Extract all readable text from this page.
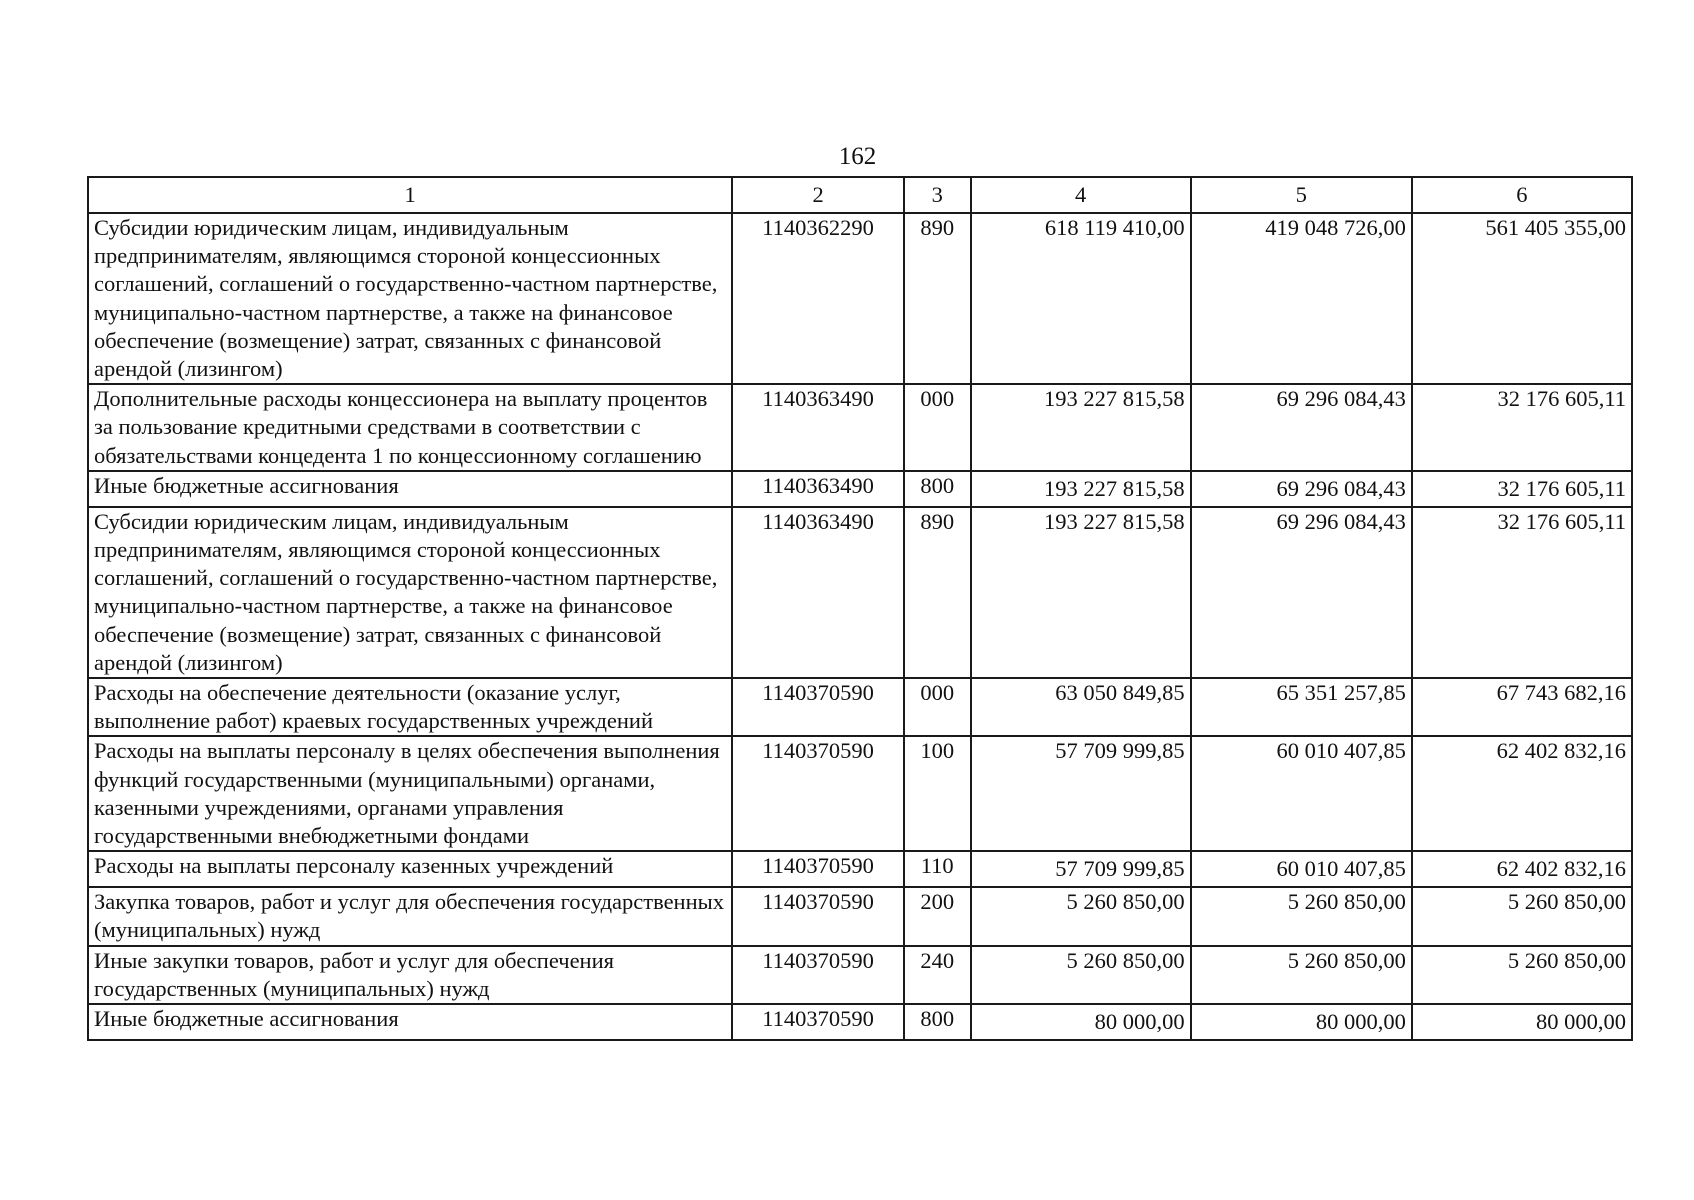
162
1	2	3	4	5	6
Субсидии юридическим лицам, индивидуальным предпринимателям, являющимся стороной концессионных соглашений, соглашений о государственно-частном партнерстве, муниципально-частном партнерстве, а также на финансовое обеспечение (возмещение) затрат, связанных с финансовой арендой (лизингом)	1140362290	890	618 119 410,00	419 048 726,00	561 405 355,00
Дополнительные расходы концессионера на выплату процентов за пользование кредитными средствами в соответствии с обязательствами концедента 1 по концессионному соглашению	1140363490	000	193 227 815,58	69 296 084,43	32 176 605,11
Иные бюджетные ассигнования	1140363490	800	193 227 815,58	69 296 084,43	32 176 605,11
Субсидии юридическим лицам, индивидуальным предпринимателям, являющимся стороной концессионных соглашений, соглашений о государственно-частном партнерстве, муниципально-частном партнерстве, а также на финансовое обеспечение (возмещение) затрат, связанных с финансовой арендой (лизингом)	1140363490	890	193 227 815,58	69 296 084,43	32 176 605,11
Расходы на обеспечение деятельности (оказание услуг, выполнение работ) краевых государственных учреждений	1140370590	000	63 050 849,85	65 351 257,85	67 743 682,16
Расходы на выплаты персоналу в целях обеспечения выполнения функций государственными (муниципальными) органами, казенными учреждениями, органами управления государственными внебюджетными фондами	1140370590	100	57 709 999,85	60 010 407,85	62 402 832,16
Расходы на выплаты персоналу казенных учреждений	1140370590	110	57 709 999,85	60 010 407,85	62 402 832,16
Закупка товаров, работ и услуг для обеспечения государственных (муниципальных) нужд	1140370590	200	5 260 850,00	5 260 850,00	5 260 850,00
Иные закупки товаров, работ и услуг для обеспечения государственных (муниципальных) нужд	1140370590	240	5 260 850,00	5 260 850,00	5 260 850,00
Иные бюджетные ассигнования	1140370590	800	80 000,00	80 000,00	80 000,00
